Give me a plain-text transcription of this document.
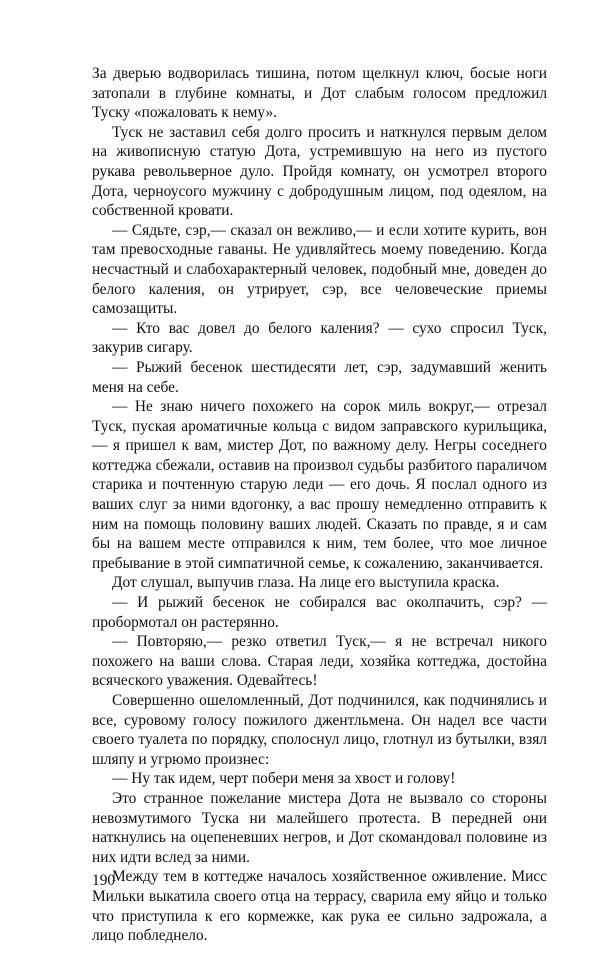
За дверью водворилась тишина, потом щелкнул ключ, босые ноги затопали в глубине комнаты, и Дот слабым голосом предложил Туску «пожаловать к нему».

Туск не заставил себя долго просить и наткнулся первым делом на живописную статую Дота, устремившую на него из пустого рукава револьверное дуло. Пройдя комнату, он усмотрел второго Дота, черноусого мужчину с добродушным лицом, под одеялом, на собственной кровати.

— Сядьте, сэр,— сказал он вежливо,— и если хотите курить, вон там превосходные гаваны. Не удивляйтесь моему поведению. Когда несчастный и слабохарактерный человек, подобный мне, доведен до белого каления, он утрирует, сэр, все человеческие приемы самозащиты.

— Кто вас довел до белого каления? — сухо спросил Туск, закурив сигару.

— Рыжий бесенок шестидесяти лет, сэр, задумавший женить меня на себе.

— Не знаю ничего похожего на сорок миль вокруг,— отрезал Туск, пуская ароматичные кольца с видом заправского курильщика,— я пришел к вам, мистер Дот, по важному делу. Негры соседнего коттеджа сбежали, оставив на произвол судьбы разбитого параличом старика и почтенную старую леди — его дочь. Я послал одного из ваших слуг за ними вдогонку, а вас прошу немедленно отправить к ним на помощь половину ваших людей. Сказать по правде, я и сам бы на вашем месте отправился к ним, тем более, что мое личное пребывание в этой симпатичной семье, к сожалению, заканчивается.

Дот слушал, выпучив глаза. На лице его выступила краска.

— И рыжий бесенок не собирался вас околпачить, сэр? — пробормотал он растерянно.

— Повторяю,— резко ответил Туск,— я не встречал никого похожего на ваши слова. Старая леди, хозяйка коттеджа, достойна всяческого уважения. Одевайтесь!

Совершенно ошеломленный, Дот подчинился, как подчинялись и все, суровому голосу пожилого джентльмена. Он надел все части своего туалета по порядку, сполоснул лицо, глотнул из бутылки, взял шляпу и угрюмо произнес:

— Ну так идем, черт побери меня за хвост и голову!

Это странное пожелание мистера Дота не вызвало со стороны невозмутимого Туска ни малейшего протеста. В передней они наткнулись на оцепеневших негров, и Дот скомандовал половине из них идти вслед за ними.

Между тем в коттедже началось хозяйственное оживление. Мисс Мильки выкатила своего отца на террасу, сварила ему яйцо и только что приступила к его кормежке, как рука ее сильно задрожала, а лицо побледнело.

190
